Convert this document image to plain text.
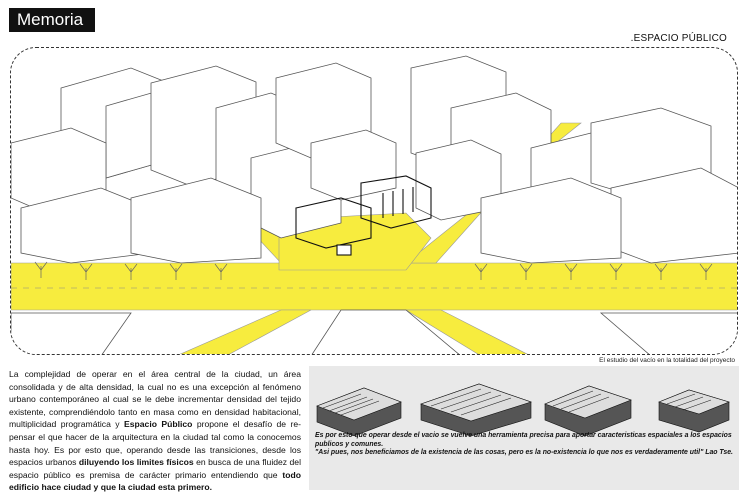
Memoria
.ESPACIO PÚBLICO
El estudio del vacío en la totalidad del proyecto
La complejidad de operar en el área central de la ciudad, un área consolidada y de alta densidad, la cual no es una excepción al fenómeno urbano contemporáneo al cual se le debe incrementar densidad del tejido existente, comprendiéndolo tanto en masa como en densidad habitacional, multiplicidad programática y Espacio Público propone el desafío de re-pensar el que hacer de la arquitectura en la ciudad tal como la conocemos hasta hoy. Es por esto que, operando desde las transiciones, desde los espacios urbanos diluyendo los limites físicos en busca de una fluidez del espacio público es premisa de carácter primario entendiendo que todo edificio hace ciudad y que la ciudad esta primero.
Es por esto que operar desde el vacio se vuelve una herramienta precisa para aportar caracteristicas espaciales a los espacios publicos y comunes.
"Asi pues, nos beneficiamos de la existencia de las cosas, pero es la no-existencia lo que nos es verdaderamente util" Lao Tse.
